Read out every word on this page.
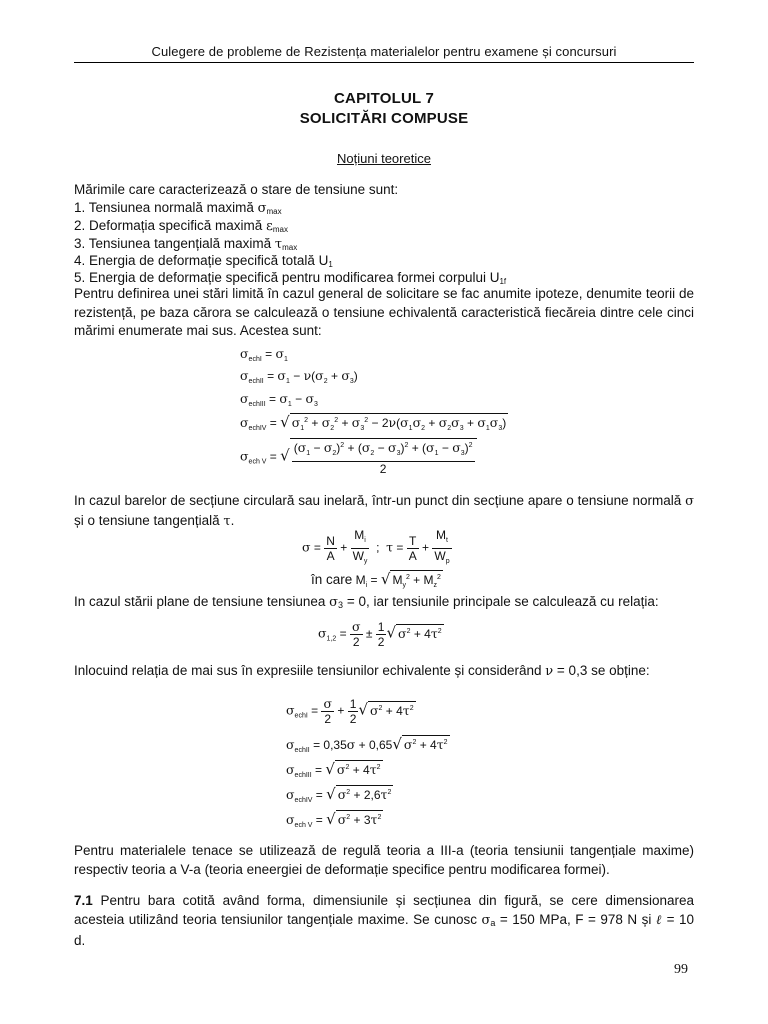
Culegere de probleme de Rezistența materialelor pentru examene și concursuri
CAPITOLUL 7
SOLICITĂRI COMPUSE
Noțiuni teoretice
Mărimile care caracterizează o stare de tensiune sunt:
1. Tensiunea normală maximă $\sigma_{max}$
2. Deformația specifică maximă $\varepsilon_{max}$
3. Tensiunea tangențială maximă $\tau_{max}$
4. Energia de deformație specifică totală $U_1$
5. Energia de deformație specifică pentru modificarea formei corpului $U_{1f}$
Pentru definirea unei stări limită în cazul general de solicitare se fac anumite ipoteze, denumite teorii de rezistență, pe baza cărora se calculează o tensiune echivalentă caracteristică fiecăreia dintre cele cinci mărimi enumerate mai sus. Acestea sunt:
$\sigma_{echI} = \sigma_1$
$\sigma_{echII} = \sigma_1 - \nu(\sigma_2 + \sigma_3)$
$\sigma_{echIII} = \sigma_1 - \sigma_3$
$\sigma_{echIV}$ = √ $\sigma_1^2 + \sigma_2^2 + \sigma_3^2 - 2\nu(\sigma_1\sigma_2 + \sigma_2\sigma_3 + \sigma_1\sigma_3)$
$\sigma_{ech V}$ = √ $\frac{(\sigma_1 - \sigma_2)^2 + (\sigma_2 - \sigma_3)^2 + (\sigma_1 - \sigma_3)^2}{2}$
In cazul barelor de secțiune circulară sau inelară, într-un punct din secțiune apare o tensiune normală σ și o tensiune tangențială τ.
$\sigma = \frac{N}{A} + \frac{M_i}{W_y}$ ;  $\tau = \frac{T}{A} + \frac{M_t}{W_p}$
în care $M_i$ = √ $M_y^2 + M_z^2$
In cazul stării plane de tensiune tensiunea σ3 = 0, iar tensiunile principale se calculează cu relația:
$\sigma_{1,2} = \frac{\sigma}{2} \pm \frac{1}{2}$ √ $\sigma^2 + 4\tau^2$
Inlocuind relația de mai sus în expresiile tensiunilor echivalente și considerând ν = 0,3 se obține:
$\sigma_{echI} = \frac{\sigma}{2} + \frac{1}{2}$ √ $\sigma^2 + 4\tau^2$
$\sigma_{echII} = 0,35\sigma + 0,65√$ $\sigma^2 + 4\tau^2$
$\sigma_{echIII}$ = √ $\sigma^2 + 4\tau^2$
$\sigma_{echIV}$ = √ $\sigma^2 + 2,6\tau^2$
$\sigma_{ech V}$ = √ $\sigma^2 + 3\tau^2$
Pentru materialele tenace se utilizează de regulă teoria a III-a (teoria tensiunii tangențiale maxime) respectiv teoria a V-a (teoria eneergiei de deformație specifice pentru modificarea formei).
7.1 Pentru bara cotită având forma, dimensiunile și secțiunea din figură, se cere dimensionarea acesteia utilizând teoria tensiunilor tangențiale maxime. Se cunosc σa = 150 MPa, F = 978 N și ℓ = 10 d.
99
